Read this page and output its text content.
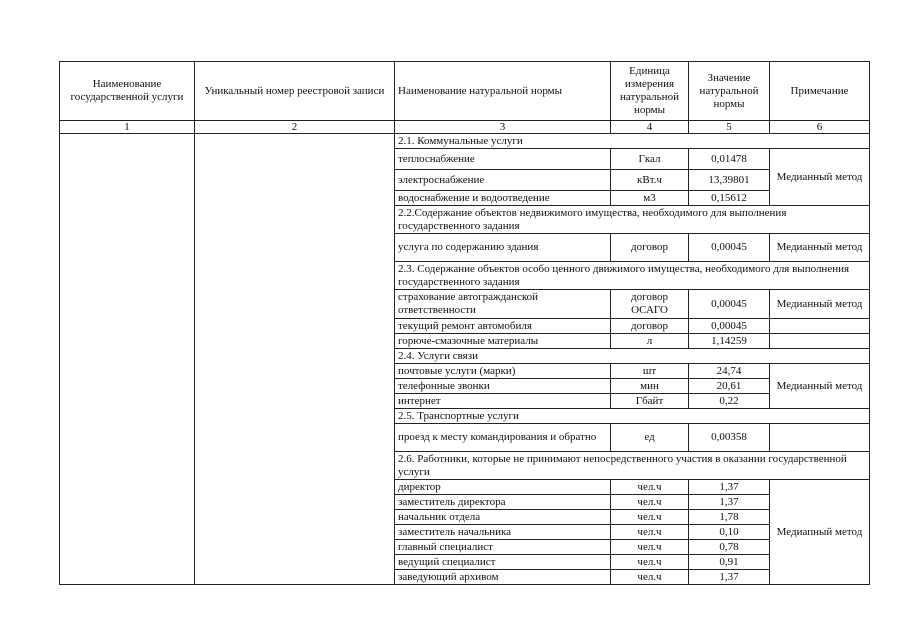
Наименование государственной услуги	Уникальный номер реестровой записи	Наименование натуральной нормы	Единица измерения натуральной нормы	Значение натуральной нормы	Примечание
1	2	3	4	5	6
		2.1. Коммунальные услуги			
		теплоснабжение	Гкал	0,01478	Медианный метод
		электроснабжение	кВт.ч	13,39801	
		водоснабжение и водоотведение	м3	0,15612	
		2.2.Содержание объектов недвижимого имущества, необходимого для выполнения государственного задания			
		услуга по содержанию здания	договор	0,00045	Медианный метод
		2.3. Содержание объектов особо ценного движимого имущества, необходимого для выполнения государственного задания			
		страхование автогражданской ответственности	договор ОСАГО	0,00045	Медианный метод
		текущий ремонт автомобиля	договор	0,00045	
		горюче-смазочные материалы	л	1,14259	
		2.4. Услуги связи			
		почтовые услуги (марки)	шт	24,74	Медианный метод
		телефонные звонки	мин	20,61	
		интернет	Гбайт	0,22	
		2.5. Транспортные услуги			
		проезд к месту командирования и обратно	ед	0,00358	
		2.6. Работники, которые не принимают непосредственного участия в оказании государственной услуги			
		директор	чел.ч	1,37	Медиапный метод
		заместитель директора	чел.ч	1,37	
		начальник отдела	чел.ч	1,78	
		заместитель начальника	чел.ч	0,10	
		главный специалист	чел.ч	0,78	
		ведущий специалист	чел.ч	0,91	
		заведующий архивом	чел.ч	1,37	
